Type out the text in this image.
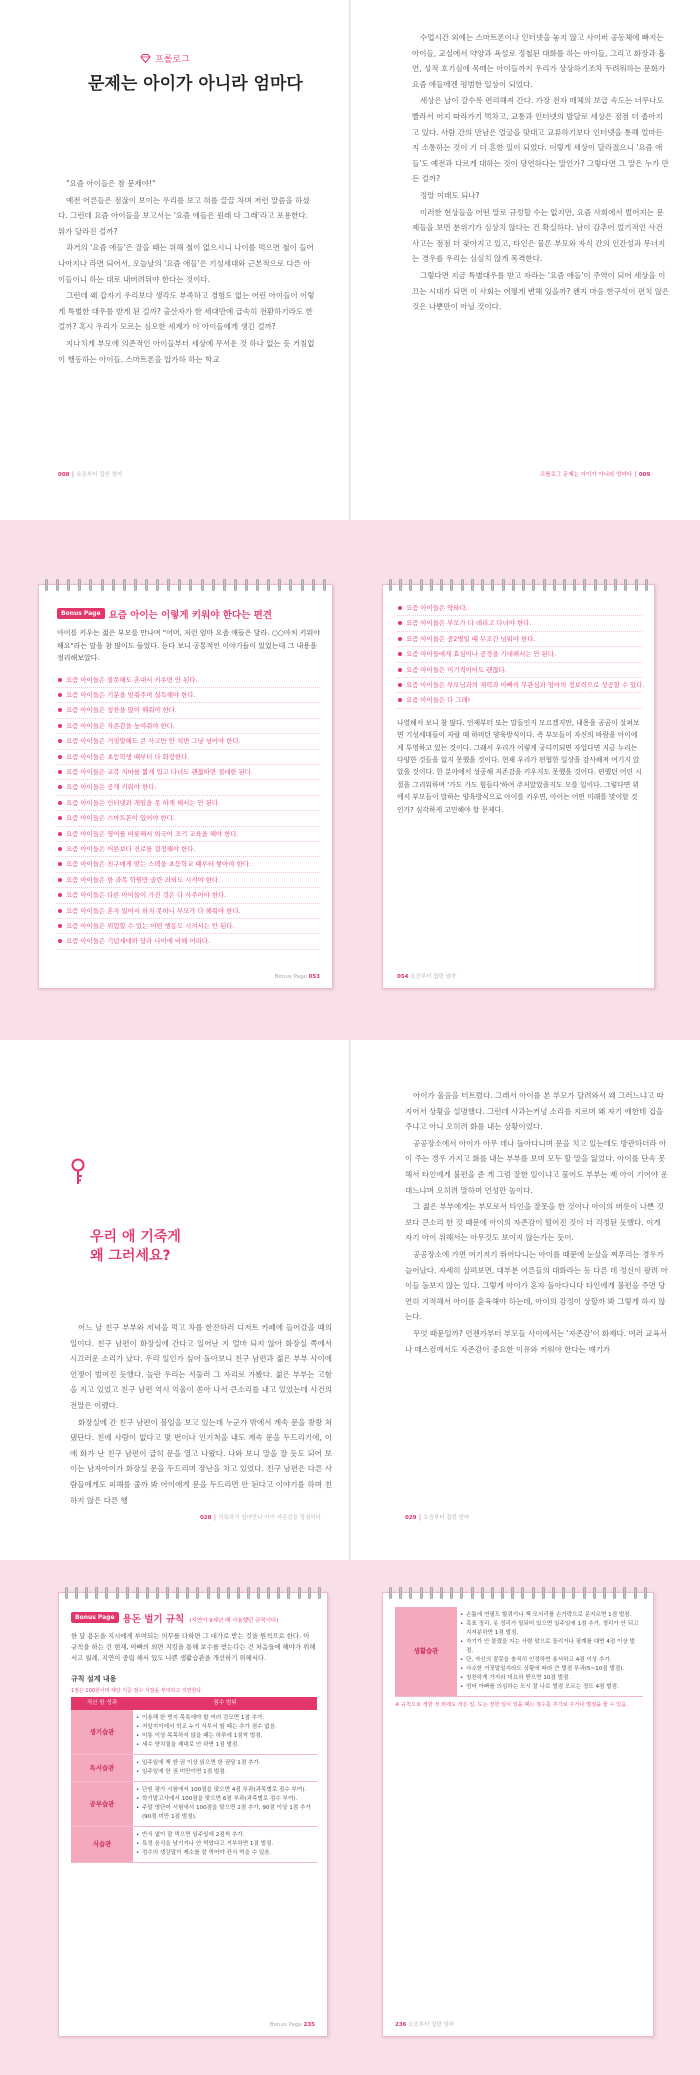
프롤로그
문제는 아이가 아니라 엄마다

"요즘 아이들은 참 문제야!"

예전 어른들은 점잖이 보이는 우리를 보고 혀를 끌끌 차며 저런 말씀을 하셨다. 그런데 요즘 아이들을 보고서는 '요즘 애들은 원래 다 그래'라고 포용한다. 뭐가 달라진 걸까?

과거의 '요즘 애들'은 잘을 때는 위해 철이 없으시니 나이를 먹으면 철이 들어 나아지나 라면 되어서, 오늘날의 '요즘 애들'은 기성세대와 근본적으로 다른 아이들이니 하는 대로 내버려둬야 한다는 것이다.

그런데 왜 갑자기 우리보다 생각도 부족하고 경험도 없는 어린 아이들이 이렇게 특별한 대우를 받게 된 걸까? 출산자가 한 세대만에 급속히 전환하기라도 한 걸까? 혹시 우리가 모르는 심오한 세계가 이 아이들에게 생긴 걸까?

지나치게 부모에 의존적인 아이들부터 세상에 무서운 것 하나 없는 듯 거침없이 행동하는 아이들, 스마트폰을 압가하 하는 학교

수업시간 외에는 스마트폰이나 인터넷을 놓지 않고 사이버 공동체에 빠지는 아이들, 교실에서 약양과 욕설로 정철된 대화를 하는 아이들, 그리고 화장과 흡연, 성적 호기심에 목매는 아이들까지 우리가 상상하기조차 두려워하는 문화가 요즘 애들에겐 평범한 일상이 되었다.

세상은 날이 갈수록 편리해져 간다. 가장 전자 매체의 보급 속도는 너무나도 빨라서 어지 따라가기 벅차고, 교통과 인터넷의 발달로 세상은 점점 더 좁아지고 있다. 사람 간의 만남은 얼굴을 맞대고 교류하기보다 인터넷을 통해 얼마든지 소통하는 것이 기 더 흔한 일이 되었다. 이렇게 세상이 달라졌으니 '요즘 애들'도 예전과 다르게 대하는 것이 당연하다는 말인가? 그렇다면 그 말은 누가 만든 걸까?

정말 이래도 되나?

이러한 현상들을 어떤 말로 규정할 수는 없지만, 요즘 사회에서 벌어지는 문제들을 보면 분위기가 심상치 않다는 건 확실하다. 남이 감추어 얼기적인 사건 사고는 점점 더 잦아지고 있고, 타인은 물론 부모와 자식 간의 인간성과 무너지는 경우를 우리는 심심치 않게 목격한다.

그렇다면 지금 특별대우를 받고 자라는 '요즘 애들'이 주역이 되어 세상을 이끄는 시대가 되면 이 사회는 어떻게 변해 있을까? 왠지 마음 한구석이 편치 않은 것은 나뿐만이 아닐 것이다.

008 │ 요즘부터 집한 엄마	프롤로그 문제는 아이가 아니라 엄마다 │ 009
Bonus Page 요즘 아이는 이렇게 키워야 한다는 편견

아이를 키우는 젊은 부모를 만나며 "어머, 저런 엄마 요즘 애들은 달라. ○○아처 키워야 해요"라는 말을 참 많이도 들었다. 듣다 보니 공통적인 이야기들이 있었는데 그 내용을 정리해보았다.

요즘 아이들은 잘못해도 혼내서 키우면 안 된다.
요즘 아이들은 기분을 맞춰주며 설득해야 한다.
요즘 아이들은 칭찬을 많이 해줘야 한다.
요즘 아이들은 자존감을 높여줘야 한다.
요즘 아이들은 거짓말해도 큰 사고만 안 치면 그냥 넘어야 한다.
요즘 아이들은 초등학생 때부터 다 화장한다.
요즘 아이들은 교복 치마를 짧게 입고 다녀도 괜찮하면 절대한 된다.
요즘 아이들은 공개 키워야 한다.
요즘 아이들은 인터넷과 게임을 못 하게 해서는 안 된다.
요즘 아이들은 스마트폰이 있어야 한다.
요즘 아이들은 영어를 비롯해서 외국어 조기 교육을 해야 한다.
요즘 아이들은 어른보다 진로를 결정해야 한다.
요즘 아이들은 친구에게 맞는 스펙을 초등학교 때부터 쌓아야 한다.
요즘 아이들은 한 과목 학원만 골란 과외도 시켜야 한다.
요즘 아이들은 다른 아이들이 가진 것은 다 사주어야 한다.
요즘 아이들은 혼자 일어서 하지 못하니 부모가 다 해줘야 한다.
요즘 아이들은 위험할 수 있는 어떤 행동도 시켜서는 안 된다.
요즘 아이들은 기념세대와 달라 나이에 비해 어리다.
Bonus Page 053
요즘 아이들은 약하다.
요즘 아이들은 부모가 다 데리고 다녀야 한다.
요즘 아이들은 중2병일 때 무조건 넘워야 한다.
요즘 아이들에게 효심이나 공경을 기대해서는 안 된다.
요즘 아이들은 이기적이어도 괜찮다.
요즘 아이들은 부모님과의 재력과 아빠의 무관심과 엄마의 정보력으로 성공할 수 있다.
요즘 아이들은 다 그래!

나열해서 보니 참 많다. 언제부터 또는 말들인지 모르겠지만, 내용을 곰곰이 살펴보면 기성세대들이 자랄 때 하비던 양육방식이다. 즉 부모들이 자신의 바람을 아이에게 투영하고 있는 것이다. 그래서 우리가 이렇게 궁디끼되면 자업다면 지금 누리는 다양한 것들을 없지 못했을 것이다. 현재 우리가 편협한 일상을 감사해져 여기지 앉았을 것이다. 한 분야에서 성공해 저존감을 키우지도 못했을 것이다. 편했던 어린 시절을 그리워하며 '가도 가도 힘들다'하여 주저앉았을지도 모를 일이다. 그렇다면 위에서 부모들이 말하는 양육방식으로 아이를 키우면, 아이는 어떤 미래를 맞이할 것인가? 심각하게 고민해야 할 문제다.

054 요즘부터 집한 엄마
우리 애 기죽게
왜 그러세요?

어느 날 친구 부부와 저녁을 먹고 차를 한잔하러 디저트 카페에 들어갔을 때의 일이다. 친구 남편이 화장실에 간다고 일어난 지 얼마 되지 않아 화장실 쪽에서 시끄러운 소리가 났다. 우리 일인가 싶어 돌아보니 친구 남편과 젊은 부부 사이에 언쟁이 벌어진 듯했다. 놀란 우리는 서둘러 그 자리로 가봤다. 젊은 부부는 고함을 지고 있었고 친구 남편 역시 억울이 쏟아 나서 큰소리를 내고 있었는데 사건의 전말은 이랬다.

화장실에 간 친구 남편이 볼일을 보고 있는데 누군가 밖에서 계속 문을 쾅쾅 쳐댔단다. 친에 사람이 없다고 몇 번이나 인기척을 내도 계속 문을 두드리기에, 이에 화가 난 친구 남편이 급히 문을 열고 나왔다. 나와 보니 말을 잘 듯도 되어 보이는 남자아이가 화장실 문을 두드리며 장난을 치고 있었다. 친구 남편은 다른 사람들에게도 피해를 줄까 봐 아이에게 문을 두드리면 안 된다고 이야기를 하며 친하지 않은 다른 행

아이가 울음을 터트렸다. 그래서 아이를 본 부모가 달려와서 왜 그러느냐고 따지어서 상황을 설명했다. 그런데 사과는커녕 소리를 지르며 왜 자기 애한테 겁을 주냐고 아니 오히려 화를 내는 상황이었다.

공공장소에서 아이가 아무 데나 돌아다니며 문을 치고 있는데도 방관하더라 아이 주는 경우 가지고 화를 내는 부부를 보며 모두 할 말을 잃었다. 아이를 단속 못 해서 타인에게 불편을 준 게 그럼 잘한 일이냐고 물어도 부부는 제 아이 기어야 운대느냐며 오히려 말하며 언성만 높이다.

그 젊은 부부에게는 부모로서 타인을 잘못을 한 것이나 아이의 버릇이 나쁜 것보다 큰소리 한 것 때문에 아이의 자존감이 떨어진 것이 더 걱정된 듯했다. 이게 자기 아이 위해서는 아무것도 보이지 않는가는 듯이.

공공장소에 가면 여기저기 뛰어다니는 아이를 때문에 눈살을 찌푸리는 경우가 늘어났다. 자세히 살펴보면, 대부분 어른들의 대화라는 등 다른 데 정신이 팔려 아이들 돌보지 않는 있다. 그렇게 아이가 혼자 돌아다니다 타인에게 불편을 주면 당연히 지적해서 아이를 훈육해야 하는데, 아이의 감정이 상할까 봐 그렇게 하지 않는다.

무엇 때문일까? 언젠가부터 부모들 사이에서는 '자존감'이 화제다. 여러 교육서나 매스컴에서도 자존감이 중요한 이유와 키워야 한다는 얘기가

028 │ 기특하기 얼마만나 아이 자존감을 정점하다	029 │ 요즘부터 집한 엄마
Bonus Page 용돈 벌기 규칙 (지연이 9세년 때 사용했던 규칙이다)

한 달 용돈을 지시에게 부여되는 의무를 다하면 그 대가로 받는 것을 원칙으로 한다. 이 규칙을 하는 건 현재, 아빠의 외면 지킴을 통해 보수를 받는다는 건 처음들에 해야가 위해서고 월례, 지연이 중립 해서 있도 나쁜 생활습관을 개선하기 위해서다.

규칙 설계 내용
1점은 100원이며 해당 기준 점수 서점을 부여하고 지연한다.
적산 항 성과	점수 범위
생기습관	• 이용해 한 벗지 목록에야 할 여러 검모면 1점 추가.
• 저앞지이에서 학교 누기 서투서 할 때는 추가 점수 없음.
• 미통 이상 목목하지 않을 때는 하루에 1점씩 벌점.
• 세수 양치질을 제대로 안 하면 1점 벌점.

독서습관	• 일주일에 책 한 권 이상 읽으면 한 권당 1점 추가.
• 일주일에 한 권 미만이면 1점 벌점.

공부습관	• 단원 평가 시험에서 100점을 맞으면 4점 부과(과목별로 점수 부여).
• 학기말고사에서 100점을 맞으면 6점 부과(과목별로 점수 부여).
• 주말 영단어 시험에서 100점을 맞으면 2점 추가, 90점 이상 1점 추가(90점 미만 1점 벌점).

식습관	• 반식 없이 잘 먹으면 일주일에 2점씩 추가.
• 특정 음식을 남기거나 안 먹었다고 거부하면 1점 벌점.
• 정수의 생강말이 제소를 잘 먹어야 칸식 먹을 수 있음.
Bonus Page 235
생활습관	
• 손톱에 연필도 할퀴거나 책 모서리를 손가락으로 문지르면 1점 벌점.
• 혹표 정리, 옷 정리가 밀되어 있으면 일주일에 1점 추가, 정리가 안 되고 지저분하면 1점 벌점.
• 자기가 안 물꼈을 지는 사람 맞으로 돌리거나 핑계를 대면 4점 이상 벌점.
• 단, 자신의 잘못을 솔직히 인정하면 용서하고 4점 이상 추가.
• 사소한 거짓말일지라도 상황에 따라 큰 벌점 부과(5~10점 벌점).
• 칭찬하게 가지라 미요하 받으면 10점 벌점.
• 엄마 아빠를 의심하는 모시 잘 나로 벌점 모르는 정도 4점 벌점.

※ 규칙으로 정한 것 외에도 작은 일, 도는 정한 일이 있을 때는 점수를 추가로 주거나 벌점을 줄 수 있음.

236 요즘부터 집한 엄마
